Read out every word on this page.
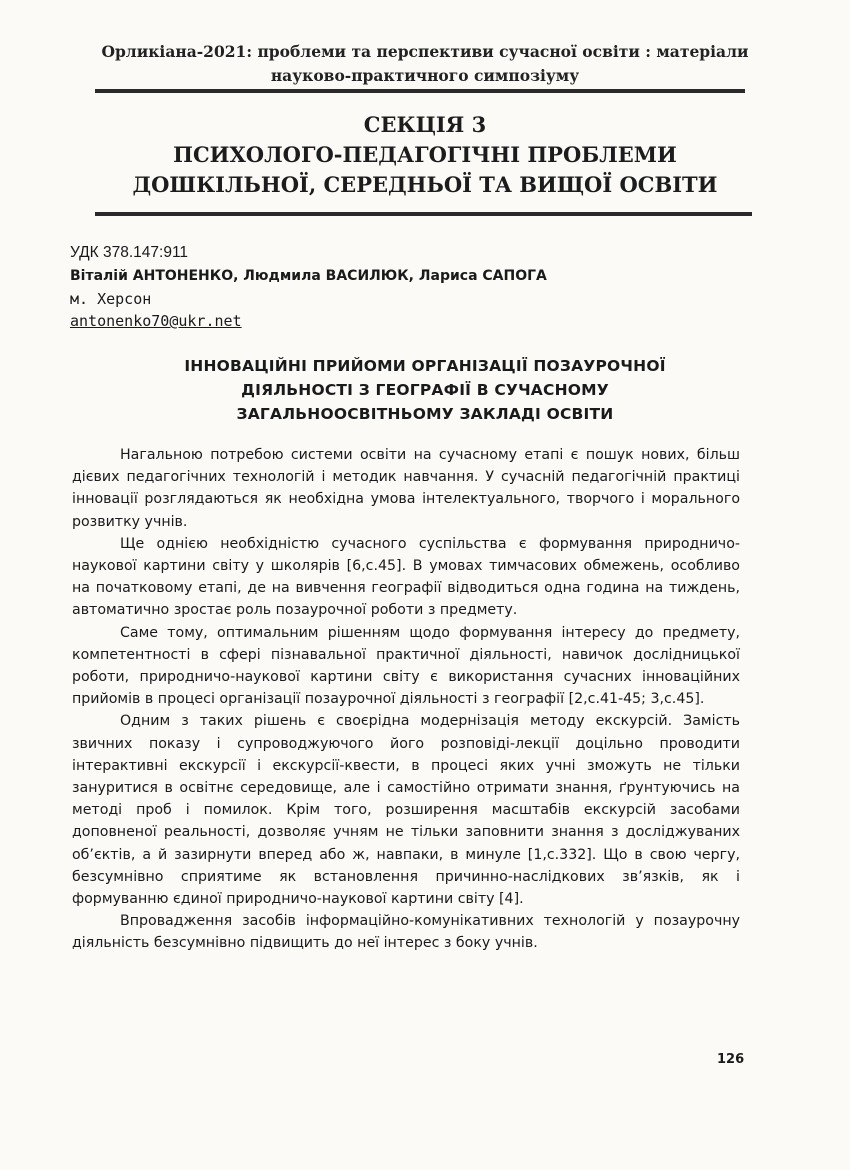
Орликіана-2021: проблеми та перспективи сучасної освіти : матеріали науково-практичного симпозіуму
СЕКЦІЯ 3
ПСИХОЛОГО-ПЕДАГОГІЧНІ ПРОБЛЕМИ
ДОШКІЛЬНОЇ, СЕРЕДНЬОЇ ТА ВИЩОЇ ОСВІТИ
УДК 378.147:911
Віталій АНТОНЕНКО, Людмила ВАСИЛЮК, Лариса САПОГА
м. Херсон
antonenko70@ukr.net
ІННОВАЦІЙНІ ПРИЙОМИ ОРГАНІЗАЦІЇ ПОЗАУРОЧНОЇ
ДІЯЛЬНОСТІ З ГЕОГРАФІЇ В СУЧАСНОМУ
ЗАГАЛЬНООСВІТНЬОМУ ЗАКЛАДІ ОСВІТИ

Нагальною потребою системи освіти на сучасному етапі є пошук нових, більш дієвих педагогічних технологій і методик навчання. У сучасній педагогічній практиці інновації розглядаються як необхідна умова інтелектуального, творчого і морального розвитку учнів.

Ще однією необхідністю сучасного суспільства є формування природничо-наукової картини світу у школярів [6,с.45]. В умовах тимчасових обмежень, особливо на початковому етапі, де на вивчення географії відводиться одна година на тиждень, автоматично зростає роль позаурочної роботи з предмету.

Саме тому, оптимальним рішенням щодо формування інтересу до предмету, компетентності в сфері пізнавальної практичної діяльності, навичок дослідницької роботи, природничо-наукової картини світу є використання сучасних інноваційних прийомів в процесі організації позаурочної діяльності з географії [2,с.41-45; 3,с.45].

Одним з таких рішень є своєрідна модернізація методу екскурсій. Замість звичних показу і супроводжуючого його розповіді-лекції доцільно проводити інтерактивні екскурсії і екскурсії-квести, в процесі яких учні зможуть не тільки зануритися в освітнє середовище, але і самостійно отримати знання, ґрунтуючись на методі проб і помилок. Крім того, розширення масштабів екскурсій засобами доповненої реальності, дозволяє учням не тільки заповнити знання з досліджуваних об’єктів, а й зазирнути вперед або ж, навпаки, в минуле [1,с.332]. Що в свою чергу, безсумнівно сприятиме як встановлення причинно-наслідкових зв’язків, як і формуванню єдиної природничо-наукової картини світу [4].

Впровадження засобів інформаційно-комунікативних технологій у позаурочну діяльність безсумнівно підвищить до неї інтерес з боку учнів.

126
